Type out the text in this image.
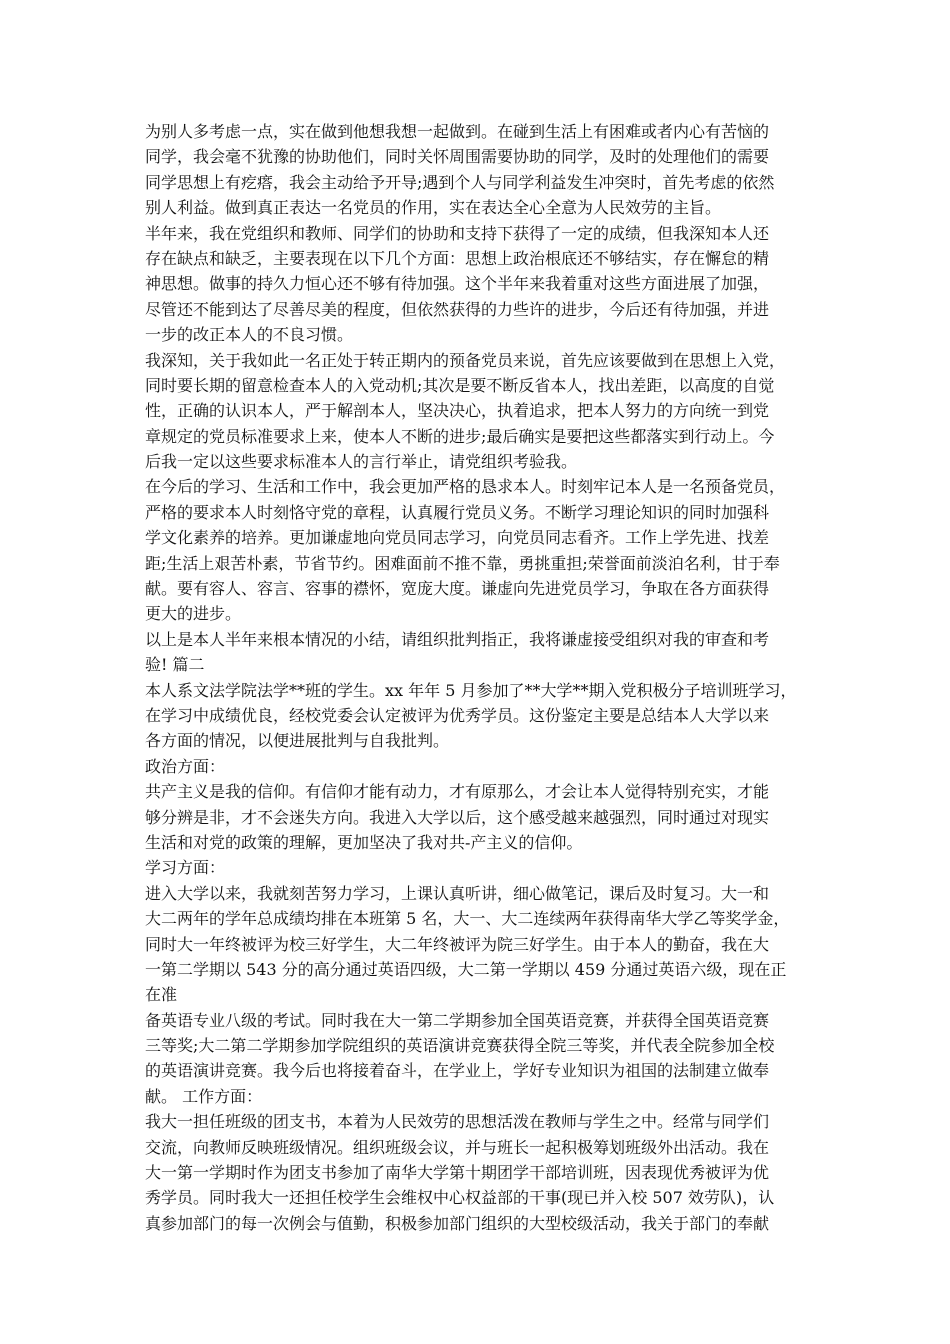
为别人多考虑一点，实在做到他想我想一起做到。在碰到生活上有困难或者内心有苦恼的
同学，我会毫不犹豫的协助他们，同时关怀周围需要协助的同学，及时的处理他们的需要
同学思想上有疙瘩，我会主动给予开导;遇到个人与同学利益发生冲突时，首先考虑的依然
别人利益。做到真正表达一名党员的作用，实在表达全心全意为人民效劳的主旨。
半年来，我在党组织和教师、同学们的协助和支持下获得了一定的成绩，但我深知本人还
存在缺点和缺乏，主要表现在以下几个方面：思想上政治根底还不够结实，存在懈怠的精
神思想。做事的持久力恒心还不够有待加强。这个半年来我着重对这些方面进展了加强，
尽管还不能到达了尽善尽美的程度，但依然获得的力些许的进步，今后还有待加强，并进
一步的改正本人的不良习惯。
我深知，关于我如此一名正处于转正期内的预备党员来说，首先应该要做到在思想上入党，
同时要长期的留意检查本人的入党动机;其次是要不断反省本人，找出差距，以高度的自觉
性，正确的认识本人，严于解剖本人，坚决决心，执着追求，把本人努力的方向统一到党
章规定的党员标准要求上来，使本人不断的进步;最后确实是要把这些都落实到行动上。今
后我一定以这些要求标准本人的言行举止，请党组织考验我。
在今后的学习、生活和工作中，我会更加严格的恳求本人。时刻牢记本人是一名预备党员，
严格的要求本人时刻恪守党的章程，认真履行党员义务。不断学习理论知识的同时加强科
学文化素养的培养。更加谦虚地向党员同志学习，向党员同志看齐。工作上学先进、找差
距;生活上艰苦朴素，节省节约。困难面前不推不靠，勇挑重担;荣誉面前淡泊名利，甘于奉
献。要有容人、容言、容事的襟怀，宽庞大度。谦虚向先进党员学习，争取在各方面获得
更大的进步。
以上是本人半年来根本情况的小结，请组织批判指正，我将谦虚接受组织对我的审查和考
验! 篇二
本人系文法学院法学**班的学生。xx 年年 5 月参加了**大学**期入党积极分子培训班学习，
在学习中成绩优良，经校党委会认定被评为优秀学员。这份鉴定主要是总结本人大学以来
各方面的情况，以便进展批判与自我批判。
政治方面：
共产主义是我的信仰。有信仰才能有动力，才有原那么，才会让本人觉得特别充实，才能
够分辨是非，才不会迷失方向。我进入大学以后，这个感受越来越强烈，同时通过对现实
生活和对党的政策的理解，更加坚决了我对共-产主义的信仰。
学习方面：
进入大学以来，我就刻苦努力学习，上课认真听讲，细心做笔记，课后及时复习。大一和
大二两年的学年总成绩均排在本班第 5 名，大一、大二连续两年获得南华大学乙等奖学金，
同时大一年终被评为校三好学生，大二年终被评为院三好学生。由于本人的勤奋，我在大
一第二学期以 543 分的高分通过英语四级，大二第一学期以 459 分通过英语六级，现在正
在准
备英语专业八级的考试。同时我在大一第二学期参加全国英语竞赛，并获得全国英语竞赛
三等奖;大二第二学期参加学院组织的英语演讲竞赛获得全院三等奖，并代表全院参加全校
的英语演讲竞赛。我今后也将接着奋斗，在学业上，学好专业知识为祖国的法制建立做奉
献。 工作方面：
我大一担任班级的团支书，本着为人民效劳的思想活泼在教师与学生之中。经常与同学们
交流，向教师反映班级情况。组织班级会议，并与班长一起积极筹划班级外出活动。我在
大一第一学期时作为团支书参加了南华大学第十期团学干部培训班，因表现优秀被评为优
秀学员。同时我大一还担任校学生会维权中心权益部的干事(现已并入校 507 效劳队)，认
真参加部门的每一次例会与值勤，积极参加部门组织的大型校级活动，我关于部门的奉献
